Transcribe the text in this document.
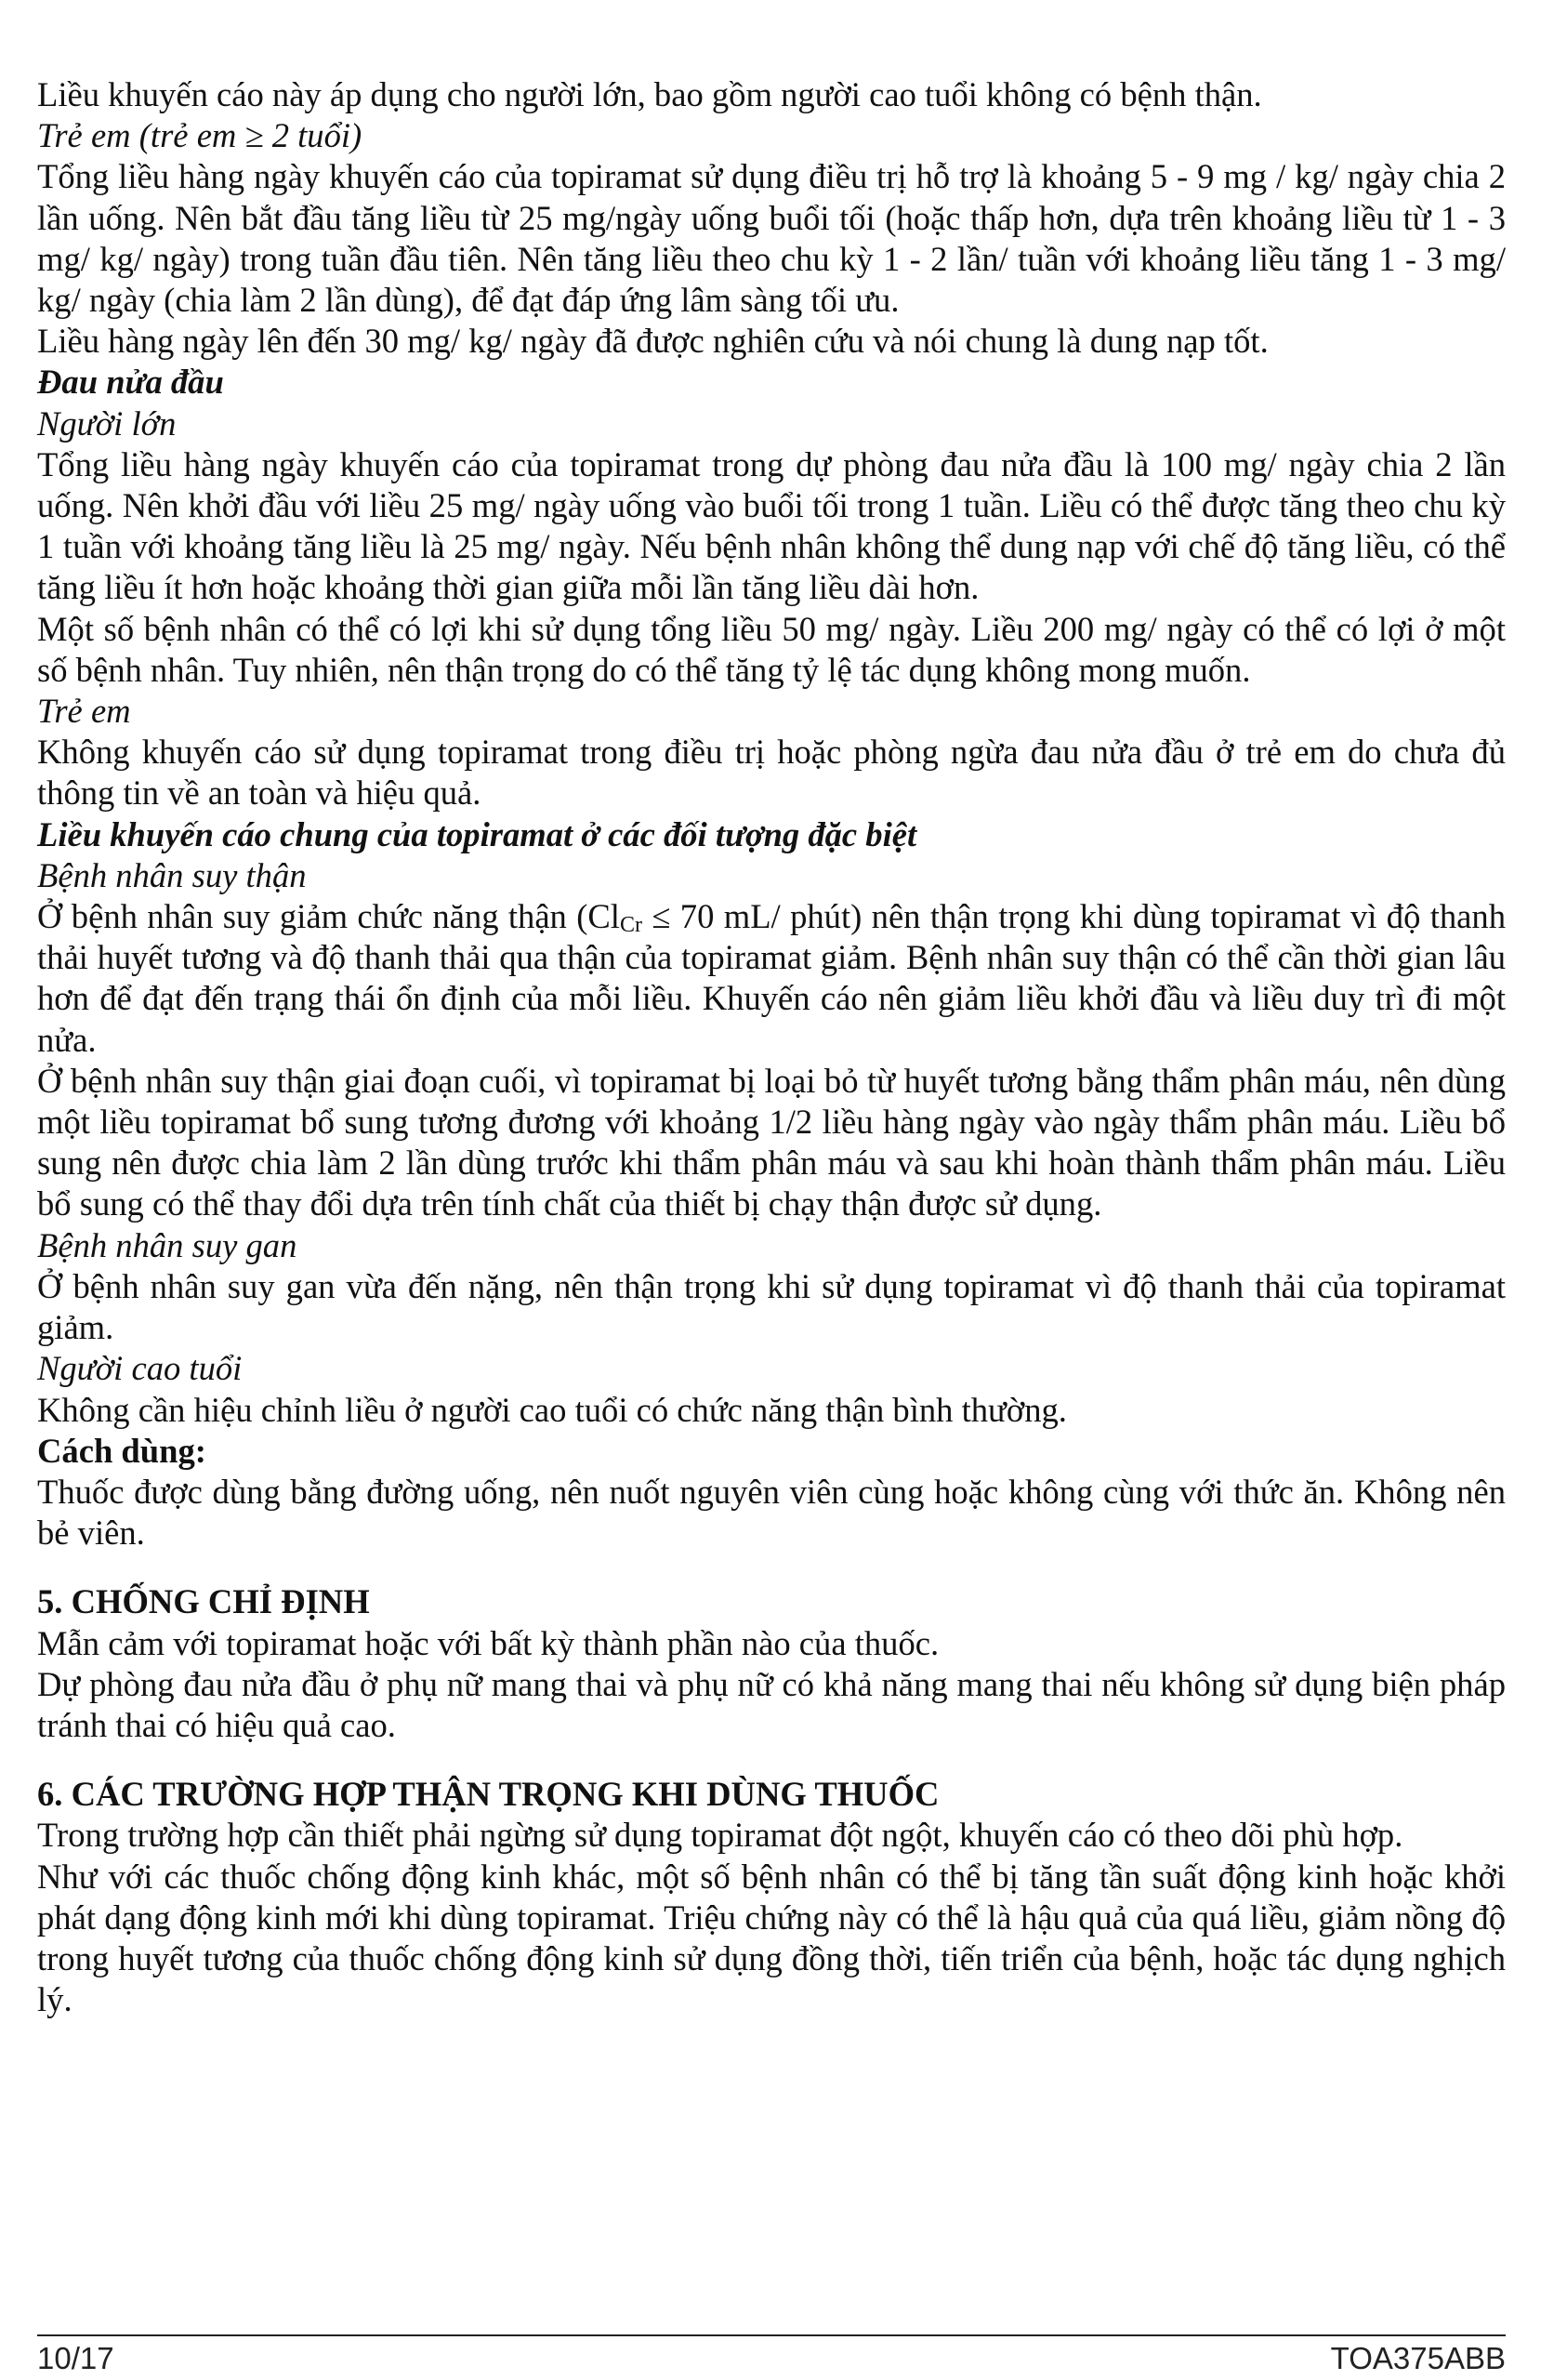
Liều khuyến cáo này áp dụng cho người lớn, bao gồm người cao tuổi không có bệnh thận.

Trẻ em (trẻ em ≥ 2 tuổi)

Tổng liều hàng ngày khuyến cáo của topiramat sử dụng điều trị hỗ trợ là khoảng 5 - 9 mg / kg/ ngày chia 2 lần uống. Nên bắt đầu tăng liều từ 25 mg/ngày uống buổi tối (hoặc thấp hơn, dựa trên khoảng liều từ 1 - 3 mg/ kg/ ngày) trong tuần đầu tiên. Nên tăng liều theo chu kỳ 1 - 2 lần/ tuần với khoảng liều tăng 1 - 3 mg/ kg/ ngày (chia làm 2 lần dùng), để đạt đáp ứng lâm sàng tối ưu.

Liều hàng ngày lên đến 30 mg/ kg/ ngày đã được nghiên cứu và nói chung là dung nạp tốt.

Đau nửa đầu

Người lớn

Tổng liều hàng ngày khuyến cáo của topiramat trong dự phòng đau nửa đầu là 100 mg/ ngày chia 2 lần uống. Nên khởi đầu với liều 25 mg/ ngày uống vào buổi tối trong 1 tuần. Liều có thể được tăng theo chu kỳ 1 tuần với khoảng tăng liều là 25 mg/ ngày. Nếu bệnh nhân không thể dung nạp với chế độ tăng liều, có thể tăng liều ít hơn hoặc khoảng thời gian giữa mỗi lần tăng liều dài hơn.

Một số bệnh nhân có thể có lợi khi sử dụng tổng liều 50 mg/ ngày. Liều 200 mg/ ngày có thể có lợi ở một số bệnh nhân. Tuy nhiên, nên thận trọng do có thể tăng tỷ lệ tác dụng không mong muốn.

Trẻ em

Không khuyến cáo sử dụng topiramat trong điều trị hoặc phòng ngừa đau nửa đầu ở trẻ em do chưa đủ thông tin về an toàn và hiệu quả.

Liều khuyến cáo chung của topiramat ở các đối tượng đặc biệt

Bệnh nhân suy thận

Ở bệnh nhân suy giảm chức năng thận ($Cl_{Cr} \le 70$ mL/ phút) nên thận trọng khi dùng topiramat vì độ thanh thải huyết tương và độ thanh thải qua thận của topiramat giảm. Bệnh nhân suy thận có thể cần thời gian lâu hơn để đạt đến trạng thái ổn định của mỗi liều. Khuyến cáo nên giảm liều khởi đầu và liều duy trì đi một nửa.

Ở bệnh nhân suy thận giai đoạn cuối, vì topiramat bị loại bỏ từ huyết tương bằng thẩm phân máu, nên dùng một liều topiramat bổ sung tương đương với khoảng 1/2 liều hàng ngày vào ngày thẩm phân máu. Liều bổ sung nên được chia làm 2 lần dùng trước khi thẩm phân máu và sau khi hoàn thành thẩm phân máu. Liều bổ sung có thể thay đổi dựa trên tính chất của thiết bị chạy thận được sử dụng.

Bệnh nhân suy gan

Ở bệnh nhân suy gan vừa đến nặng, nên thận trọng khi sử dụng topiramat vì độ thanh thải của topiramat giảm.

Người cao tuổi

Không cần hiệu chỉnh liều ở người cao tuổi có chức năng thận bình thường.

Cách dùng:

Thuốc được dùng bằng đường uống, nên nuốt nguyên viên cùng hoặc không cùng với thức ăn. Không nên bẻ viên.

5. CHỐNG CHỈ ĐỊNH

Mẫn cảm với topiramat hoặc với bất kỳ thành phần nào của thuốc.

Dự phòng đau nửa đầu ở phụ nữ mang thai và phụ nữ có khả năng mang thai nếu không sử dụng biện pháp tránh thai có hiệu quả cao.

6. CÁC TRƯỜNG HỢP THẬN TRỌNG KHI DÙNG THUỐC

Trong trường hợp cần thiết phải ngừng sử dụng topiramat đột ngột, khuyến cáo có theo dõi phù hợp.

Như với các thuốc chống động kinh khác, một số bệnh nhân có thể bị tăng tần suất động kinh hoặc khởi phát dạng động kinh mới khi dùng topiramat. Triệu chứng này có thể là hậu quả của quá liều, giảm nồng độ trong huyết tương của thuốc chống động kinh sử dụng đồng thời, tiến triển của bệnh, hoặc tác dụng nghịch lý.

10/17	TOA375ABB
